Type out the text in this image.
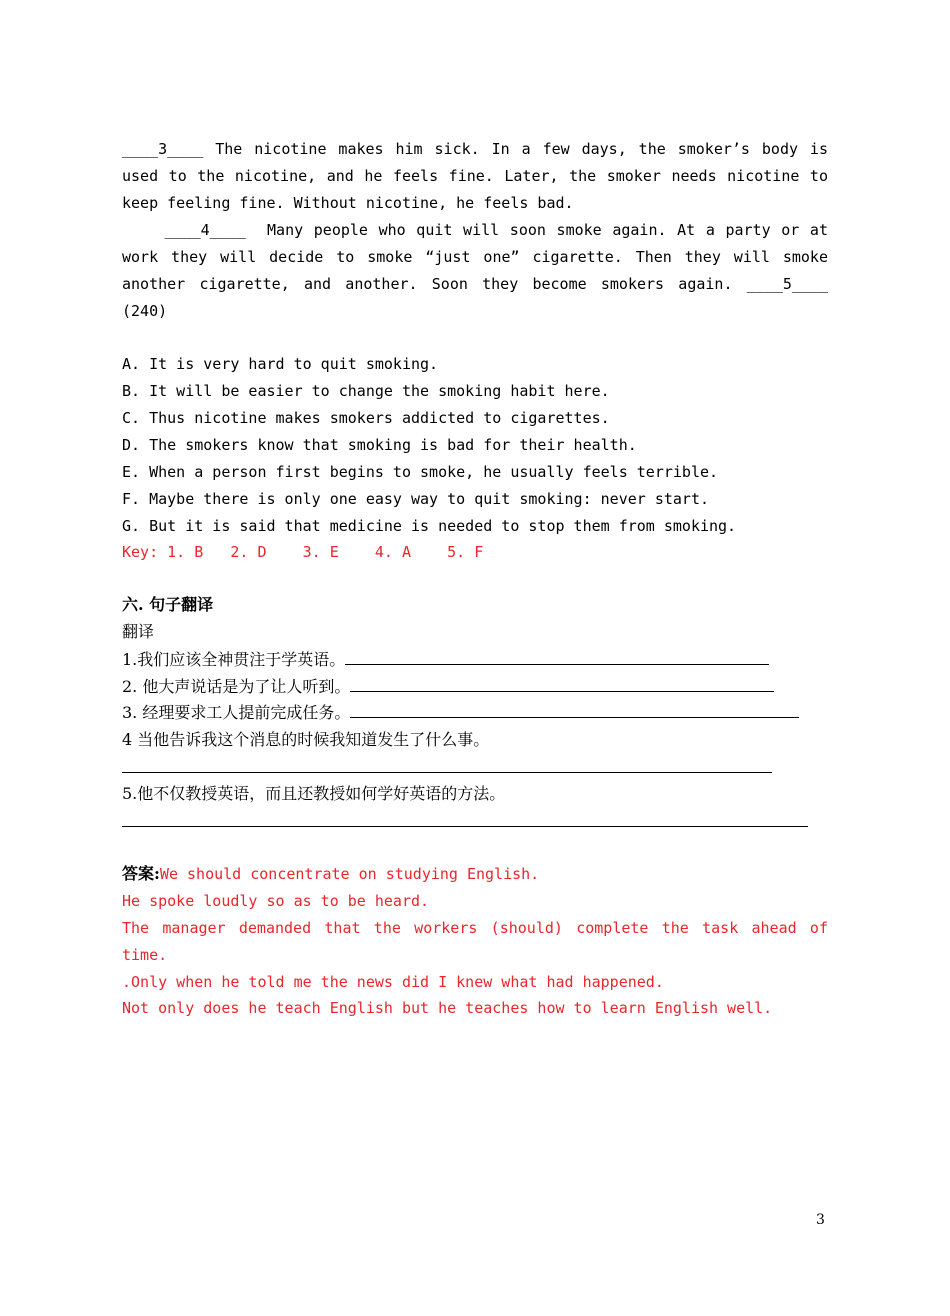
____3____ The nicotine makes him sick. In a few days, the smoker’s body is
used to the nicotine, and he feels fine. Later, the smoker needs nicotine to
keep feeling fine. Without nicotine, he feels bad.
____4____  Many people who quit will soon smoke again. At a party or at
work they will decide to smoke “just one” cigarette. Then they will smoke
another cigarette, and another. Soon they become smokers again. ____5____
(240)
A. It is very hard to quit smoking.
B. It will be easier to change the smoking habit here.
C. Thus nicotine makes smokers addicted to cigarettes.
D. The smokers know that smoking is bad for their health.
E. When a person first begins to smoke, he usually feels terrible.
F. Maybe there is only one easy way to quit smoking: never start.
G. But it is said that medicine is needed to stop them from smoking.
Key: 1. B   2. D    3. E    4. A    5. F
六. 句子翻译
翻译
1.我们应该全神贯注于学英语。
2. 他大声说话是为了让人听到。
3. 经理要求工人提前完成任务。
4 当他告诉我这个消息的时候我知道发生了什么事。
5.他不仅教授英语，而且还教授如何学好英语的方法。
答案:We should concentrate on studying English.
He spoke loudly so as to be heard.
The manager demanded that the workers (should) complete the task ahead of
time.
.Only when he told me the news did I knew what had happened.
Not only does he teach English but he teaches how to learn English well.
3
